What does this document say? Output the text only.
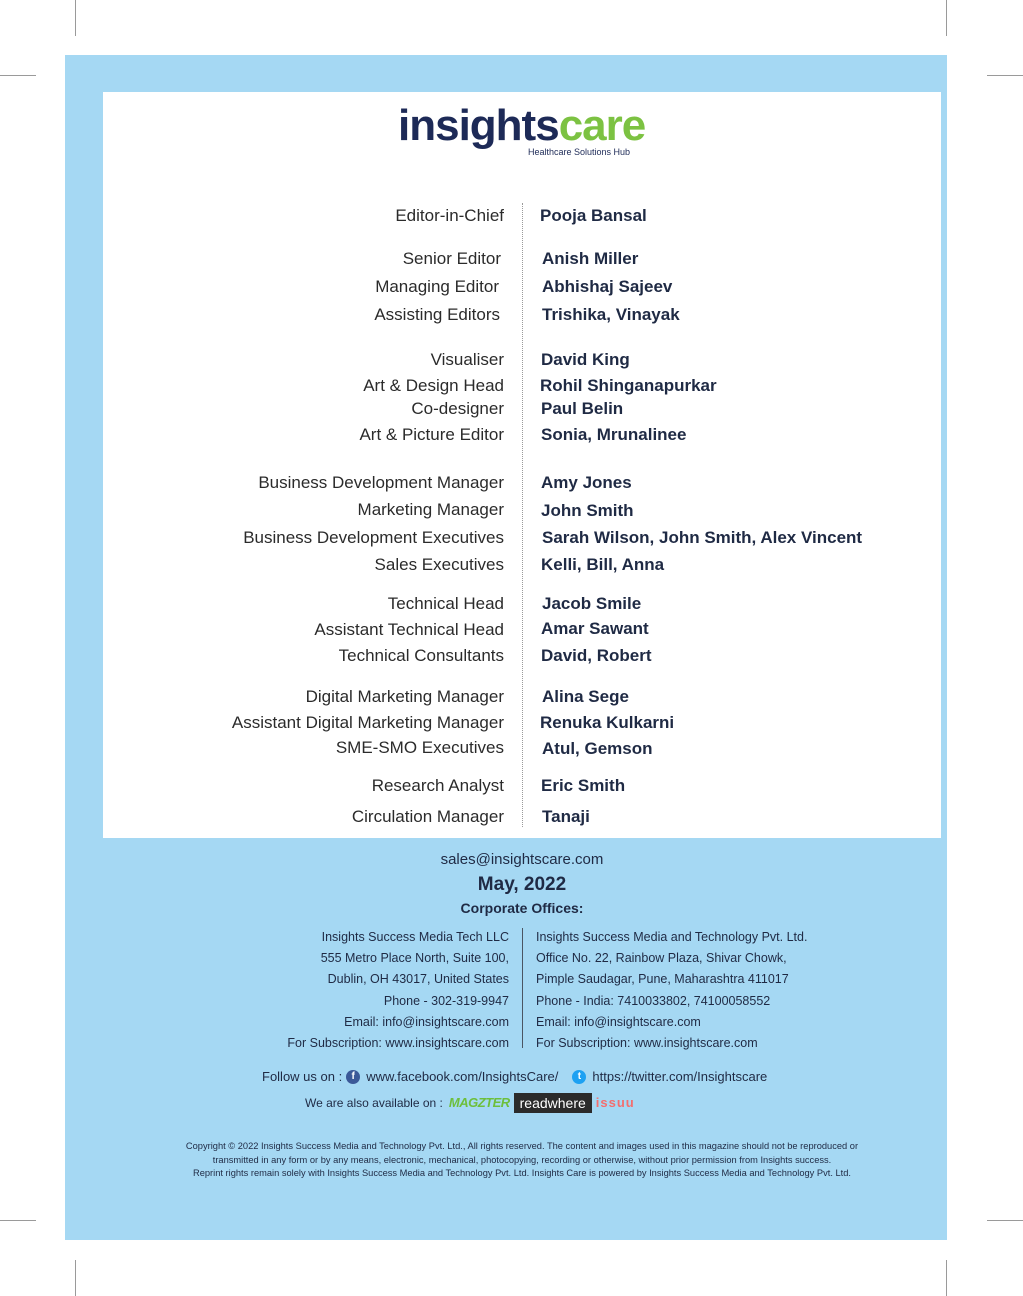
insightscare
Healthcare Solutions Hub
Editor-in-Chief Pooja Bansal
Senior Editor Anish Miller
Managing Editor	Abhishaj Sajeev
Assisting Editors Trishika, Vinayak
Visualiser David King
Art & Design Head Rohil Shinganapurkar
Co-designer Paul Belin
Art & Picture Editor Sonia, Mrunalinee
Business Development Manager Amy Jones
Marketing Manager John Smith
Business Development Executives Sarah Wilson, John Smith, Alex Vincent
Sales Executives Kelli, Bill, Anna
Technical Head Jacob Smile
Assistant Technical Head Amar Sawant
Technical Consultants David, Robert
Digital Marketing Manager Alina Sege
Assistant Digital Marketing Manager Renuka Kulkarni
SME-SMO Executives Atul, Gemson
Research Analyst Eric Smith
Circulation Manager Tanaji
sales@insightscare.com
May, 2022
Corporate Offices:
Insights Success Media Tech LLC
555 Metro Place North, Suite 100,
Dublin, OH 43017, United States
Phone - 302-319-9947
Email: info@insightscare.com
For Subscription: www.insightscare.com
Insights Success Media and Technology Pvt. Ltd.
Office No. 22, Rainbow Plaza, Shivar Chowk,
Pimple Saudagar, Pune, Maharashtra 411017
Phone - India: 7410033802, 74100058552
Email: info@insightscare.com
For Subscription: www.insightscare.com
Follow us on : f www.facebook.com/InsightsCare/	t https://twitter.com/Insightscare
We are also available on : MAGZTER readwhere issuu
Copyright © 2022 Insights Success Media and Technology Pvt. Ltd., All rights reserved. The content and images used in this magazine should not be reproduced or
transmitted in any form or by any means, electronic, mechanical, photocopying, recording or otherwise, without prior permission from Insights success.
Reprint rights remain solely with Insights Success Media and Technology Pvt. Ltd. Insights Care is powered by Insights Success Media and Technology Pvt. Ltd.
